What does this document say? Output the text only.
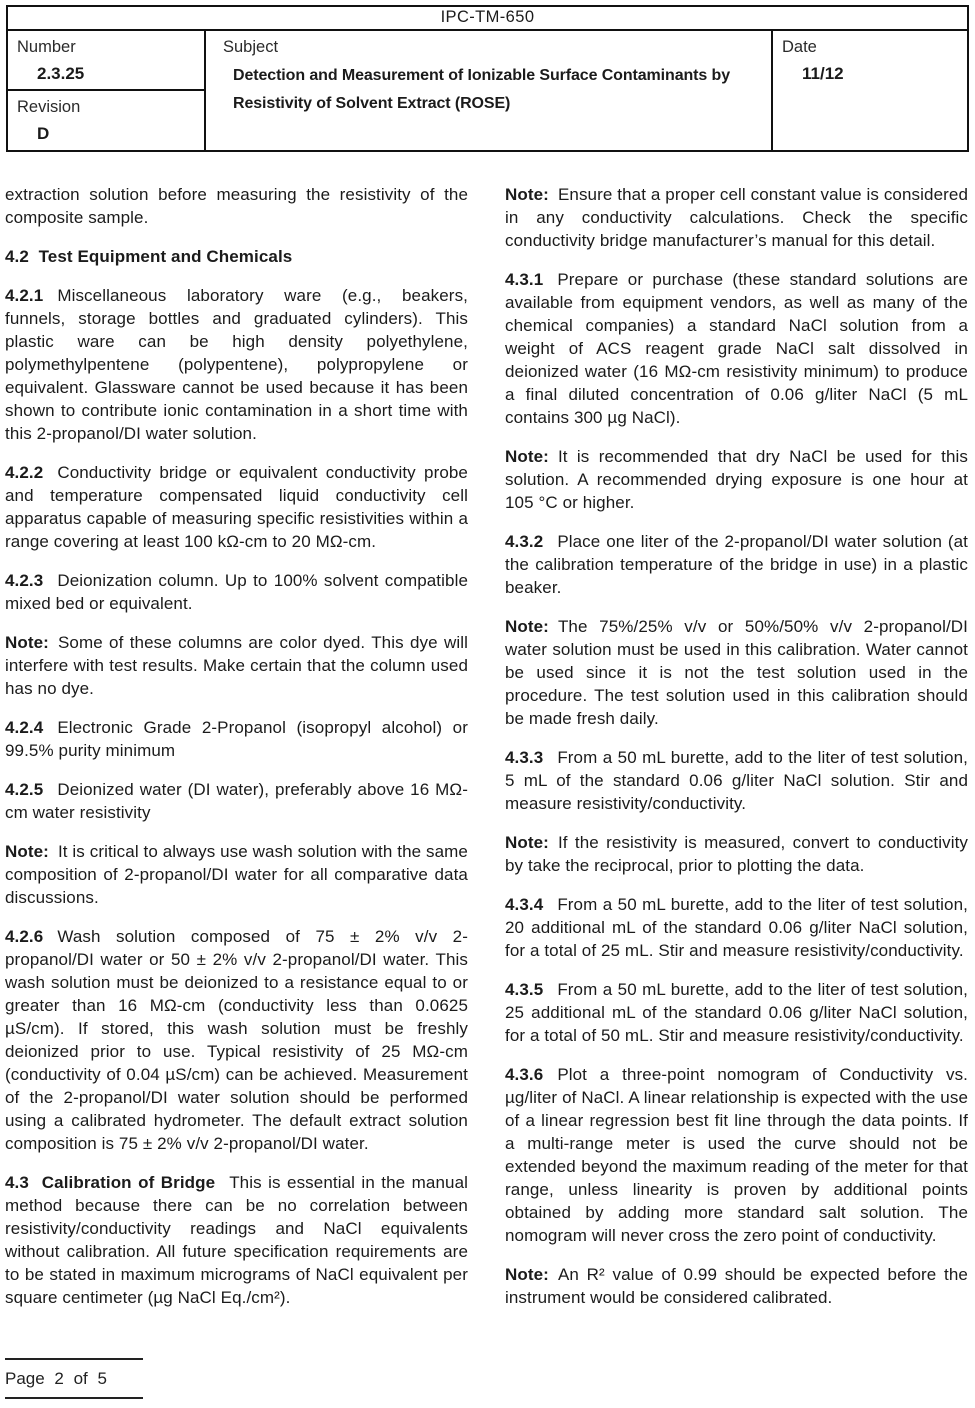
IPC-TM-650
Number
2.3.25
Revision
D
Subject
Detection and Measurement of Ionizable Surface Contaminants by
Resistivity of Solvent Extract (ROSE)
Date
11/12

extraction solution before measuring the resistivity of the composite sample.

4.2  Test Equipment and Chemicals

4.2.1 Miscellaneous laboratory ware (e.g., beakers, funnels, storage bottles and graduated cylinders). This plastic ware can be high density polyethylene, polymethylpentene (polypentene), polypropylene or equivalent. Glassware cannot be used because it has been shown to contribute ionic contamination in a short time with this 2-propanol/DI water solution.

4.2.2 Conductivity bridge or equivalent conductivity probe and temperature compensated liquid conductivity cell apparatus capable of measuring specific resistivities within a range covering at least 100 kΩ-cm to 20 MΩ-cm.

4.2.3 Deionization column. Up to 100% solvent compatible mixed bed or equivalent.

Note: Some of these columns are color dyed. This dye will interfere with test results. Make certain that the column used has no dye.

4.2.4 Electronic Grade 2-Propanol (isopropyl alcohol) or 99.5% purity minimum

4.2.5 Deionized water (DI water), preferably above 16 MΩ-cm water resistivity

Note: It is critical to always use wash solution with the same composition of 2-propanol/DI water for all comparative data discussions.

4.2.6 Wash solution composed of 75 ± 2% v/v 2-propanol/DI water or 50 ± 2% v/v 2-propanol/DI water. This wash solution must be deionized to a resistance equal to or greater than 16 MΩ-cm (conductivity less than 0.0625 µS/cm). If stored, this wash solution must be freshly deionized prior to use. Typical resistivity of 25 MΩ-cm (conductivity of 0.04 µS/cm) can be achieved. Measurement of the 2-propanol/DI water solution should be performed using a calibrated hydrometer. The default extract solution composition is 75 ± 2% v/v 2-propanol/DI water.

4.3  Calibration of Bridge This is essential in the manual method because there can be no correlation between resistivity/conductivity readings and NaCl equivalents without calibration. All future specification requirements are to be stated in maximum micrograms of NaCl equivalent per square centimeter (µg NaCl Eq./cm²).

Note: Ensure that a proper cell constant value is considered in any conductivity calculations. Check the specific conductivity bridge manufacturer’s manual for this detail.

4.3.1 Prepare or purchase (these standard solutions are available from equipment vendors, as well as many of the chemical companies) a standard NaCl solution from a weight of ACS reagent grade NaCl salt dissolved in deionized water (16 MΩ-cm resistivity minimum) to produce a final diluted concentration of 0.06 g/liter NaCl (5 mL contains 300 µg NaCl).

Note: It is recommended that dry NaCl be used for this solution. A recommended drying exposure is one hour at 105 °C or higher.

4.3.2 Place one liter of the 2-propanol/DI water solution (at the calibration temperature of the bridge in use) in a plastic beaker.

Note: The 75%/25% v/v or 50%/50% v/v 2-propanol/DI water solution must be used in this calibration. Water cannot be used since it is not the test solution used in the procedure. The test solution used in this calibration should be made fresh daily.

4.3.3 From a 50 mL burette, add to the liter of test solution, 5 mL of the standard 0.06 g/liter NaCl solution. Stir and measure resistivity/conductivity.

Note: If the resistivity is measured, convert to conductivity by take the reciprocal, prior to plotting the data.

4.3.4 From a 50 mL burette, add to the liter of test solution, 20 additional mL of the standard 0.06 g/liter NaCl solution, for a total of 25 mL. Stir and measure resistivity/conductivity.

4.3.5 From a 50 mL burette, add to the liter of test solution, 25 additional mL of the standard 0.06 g/liter NaCl solution, for a total of 50 mL. Stir and measure resistivity/conductivity.

4.3.6 Plot a three-point nomogram of Conductivity vs. µg/liter of NaCl. A linear relationship is expected with the use of a linear regression best fit line through the data points. If a multi-range meter is used the curve should not be extended beyond the maximum reading of the meter for that range, unless linearity is proven by additional points obtained by adding more standard salt solution. The nomogram will never cross the zero point of conductivity.

Note: An R² value of 0.99 should be expected before the instrument would be considered calibrated.

Page 2 of 5
